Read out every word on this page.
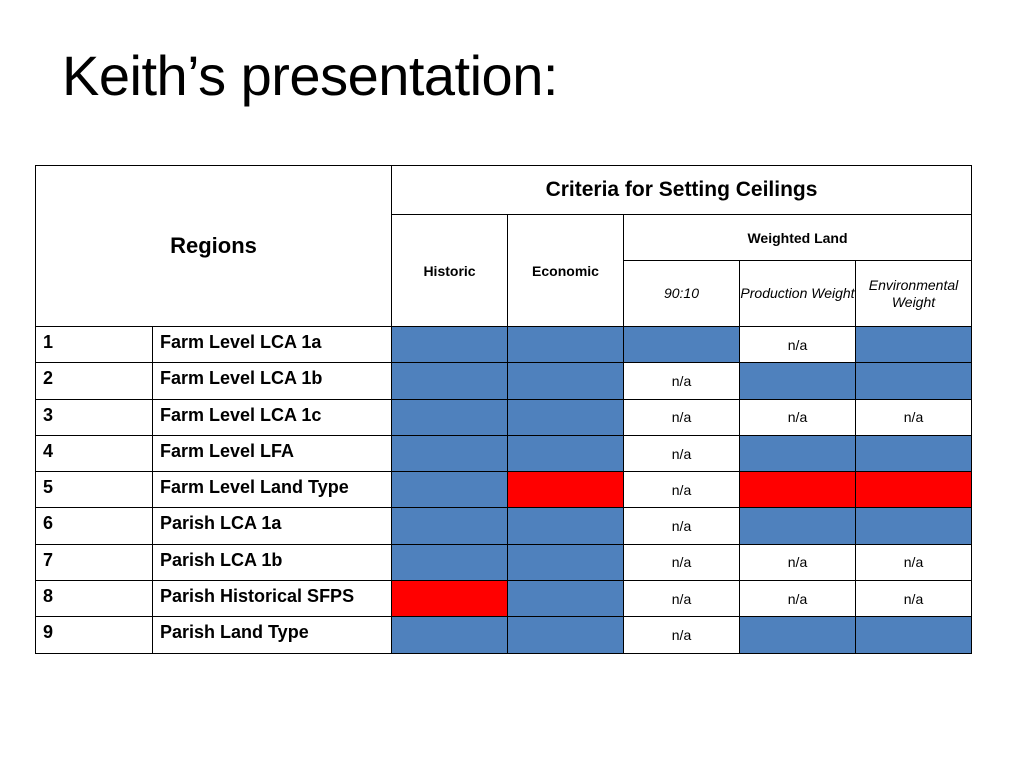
Keith’s presentation:
Regions		Criteria for Setting Ceilings				
		Historic	Economic	Weighted Land		
				90:10	Production Weight	Environmental Weight
1	Farm Level LCA 1a				n/a	
2	Farm Level LCA 1b			n/a		
3	Farm Level LCA 1c			n/a	n/a	n/a
4	Farm Level LFA			n/a		
5	Farm Level Land Type			n/a		
6	Parish LCA 1a			n/a		
7	Parish LCA 1b			n/a	n/a	n/a
8	Parish Historical SFPS			n/a	n/a	n/a
9	Parish Land Type			n/a		
